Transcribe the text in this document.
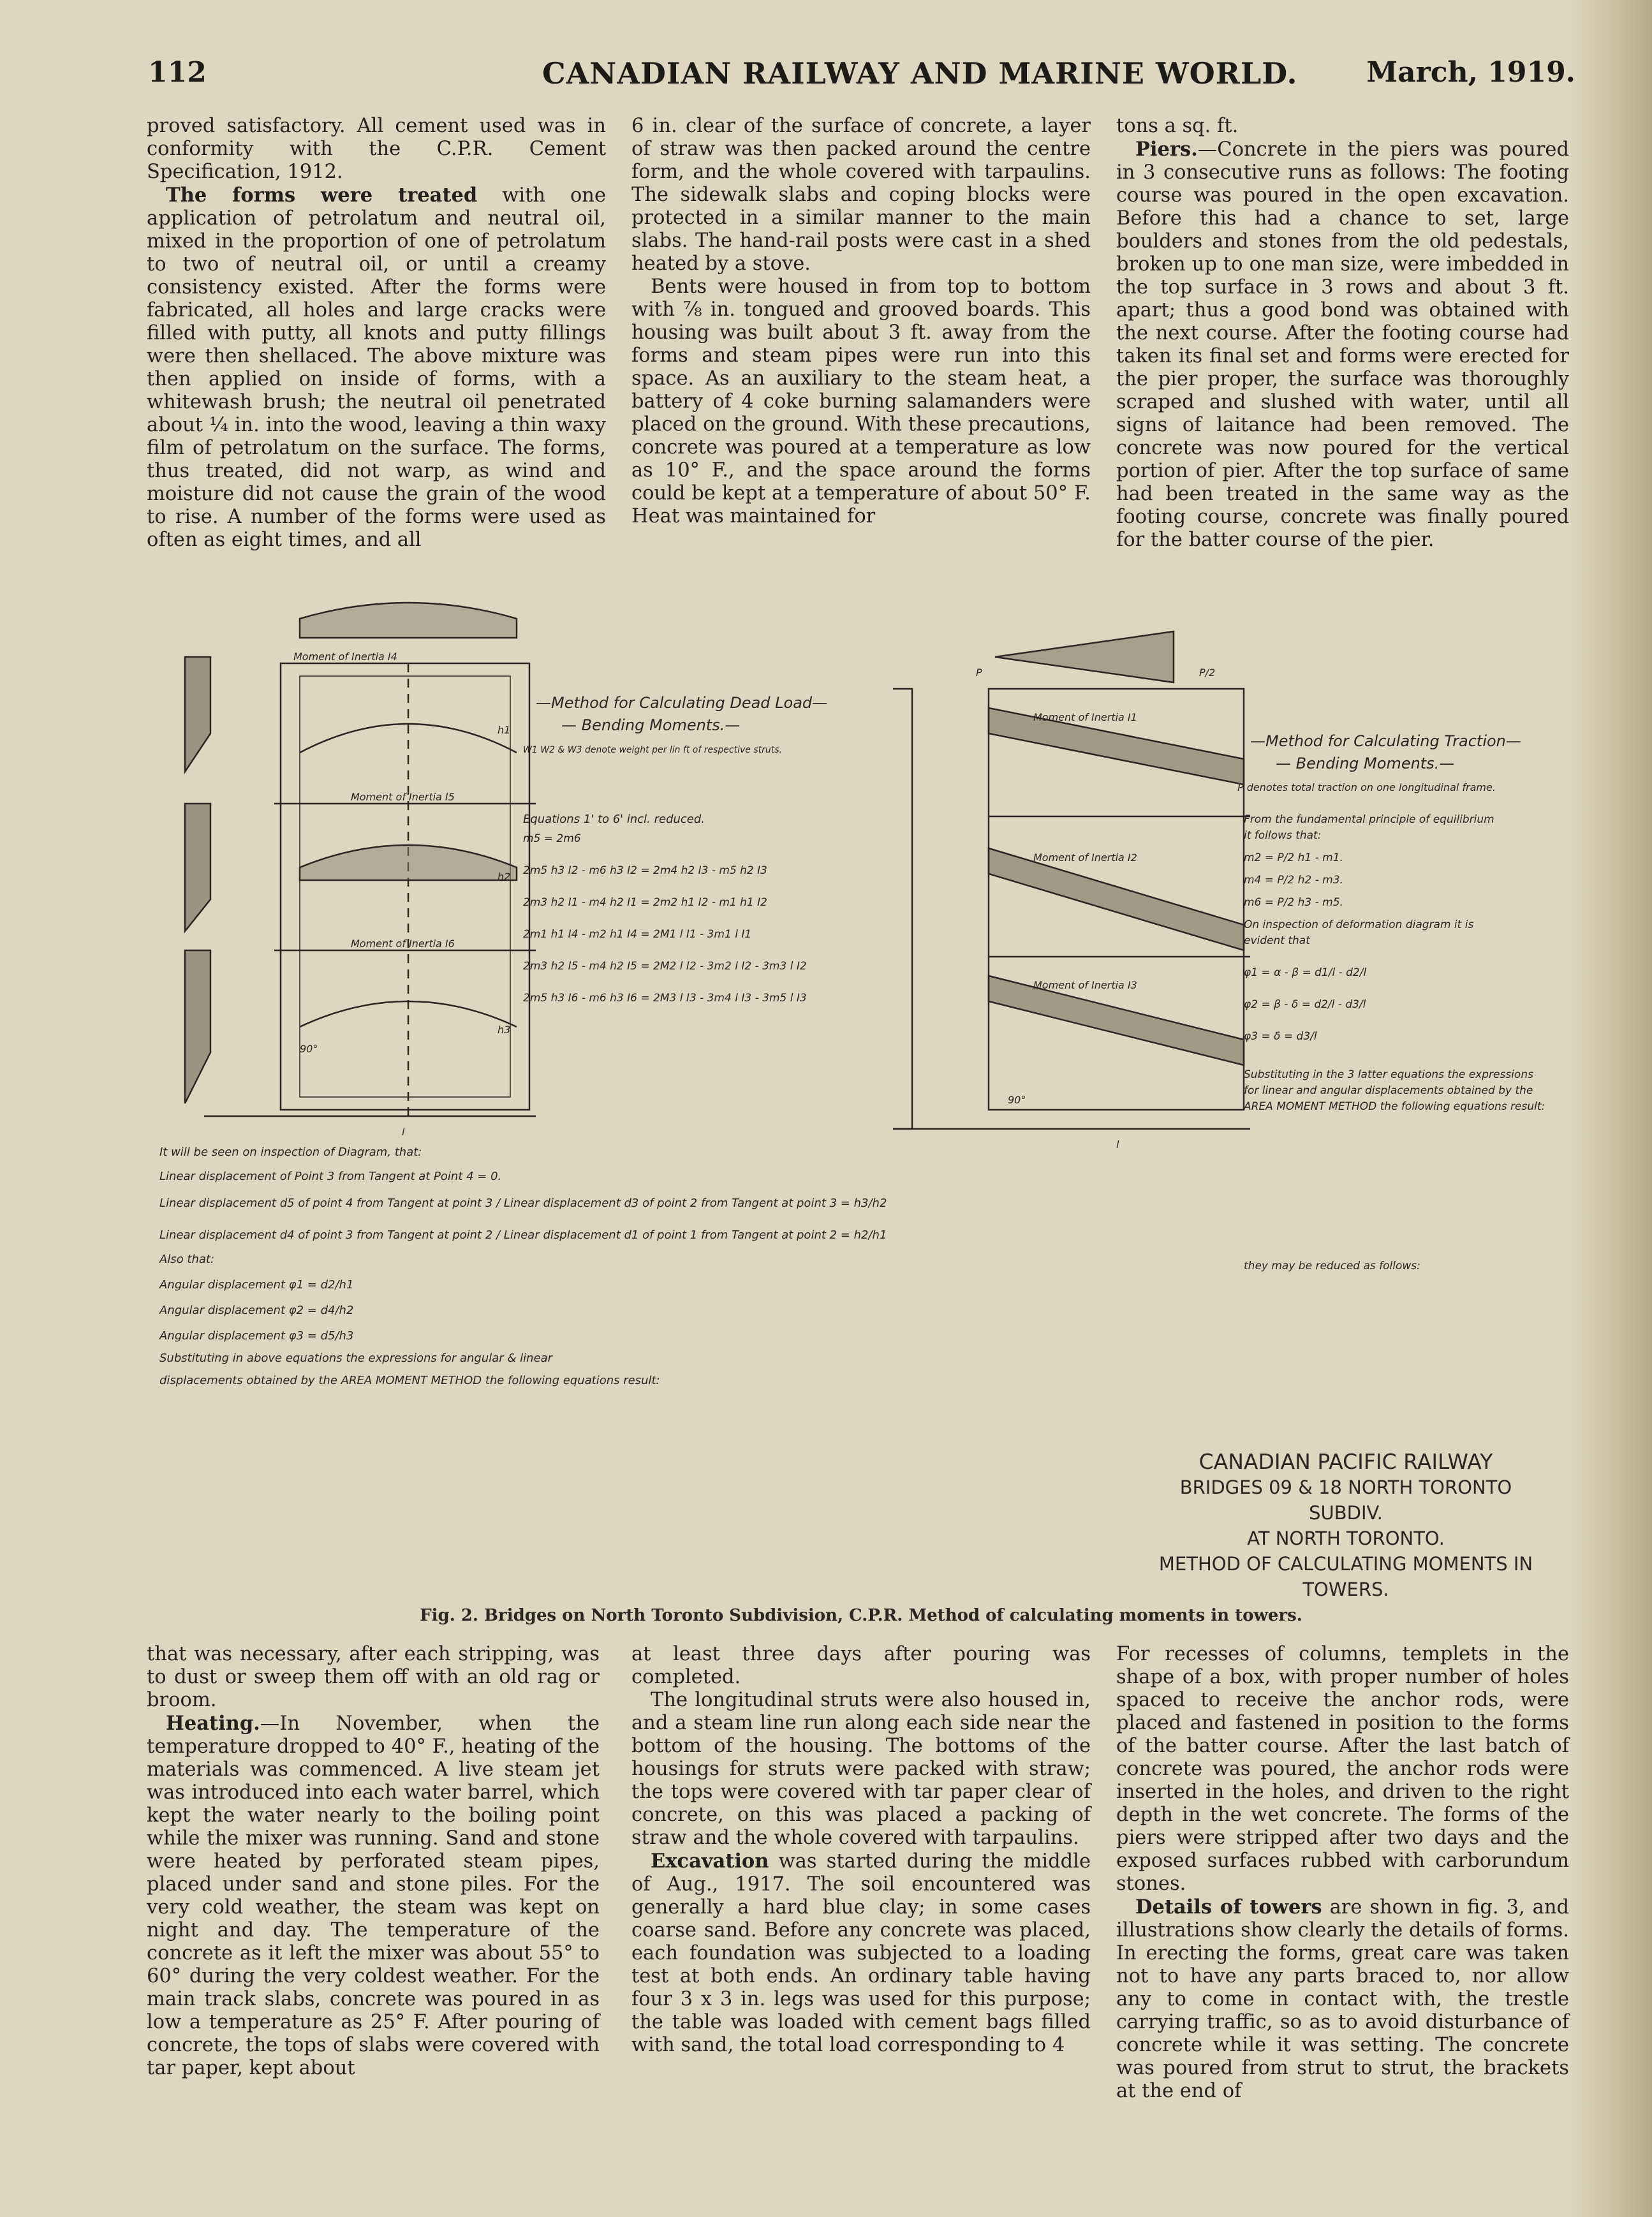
112	CANADIAN RAILWAY AND MARINE WORLD. March, 1919.

proved satisfactory. All cement used was in conformity with the C.P.R. Cement Specification, 1912.

The forms were treated with one application of petrolatum and neutral oil, mixed in the proportion of one of petrolatum to two of neutral oil, or until a creamy consistency existed. After the forms were fabricated, all holes and large cracks were filled with putty, all knots and putty fillings were then shellaced. The above mixture was then applied on inside of forms, with a whitewash brush; the neutral oil penetrated about ¼ in. into the wood, leaving a thin waxy film of petrolatum on the surface. The forms, thus treated, did not warp, as wind and moisture did not cause the grain of the wood to rise. A number of the forms were used as often as eight times, and all

6 in. clear of the surface of concrete, a layer of straw was then packed around the centre form, and the whole covered with tarpaulins. The sidewalk slabs and coping blocks were protected in a similar manner to the main slabs. The hand-rail posts were cast in a shed heated by a stove.

Bents were housed in from top to bottom with ⅞ in. tongued and grooved boards. This housing was built about 3 ft. away from the forms and steam pipes were run into this space. As an auxiliary to the steam heat, a battery of 4 coke burning salamanders were placed on the ground. With these precautions, concrete was poured at a temperature as low as 10° F., and the space around the forms could be kept at a temperature of about 50° F. Heat was maintained for

tons a sq. ft.

Piers.—Concrete in the piers was poured in 3 consecutive runs as follows: The footing course was poured in the open excavation. Before this had a chance to set, large boulders and stones from the old pedestals, broken up to one man size, were imbedded in the top surface in 3 rows and about 3 ft. apart; thus a good bond was obtained with the next course. After the footing course had taken its final set and forms were erected for the pier proper, the surface was thoroughly scraped and slushed with water, until all signs of laitance had been removed. The concrete was now poured for the vertical portion of pier. After the top surface of same had been treated in the same way as the footing course, concrete was finally poured for the batter course of the pier.

—Method for Calculating Dead Load—
— Bending Moments.—
W1 W2 & W3 denote weight per lin ft of respective struts.
Equations 1' to 6' incl. reduced.
m5 = 2m6
2m5 h3 I2 - m6 h3 I2 = 2m4 h2 I3 - m5 h2 I3
2m3 h2 I1 - m4 h2 I1 = 2m2 h1 I2 - m1 h1 I2
2m1 h1 I4 - m2 h1 I4 = 2M1 l I1 - 3m1 l I1
2m3 h2 I5 - m4 h2 I5 = 2M2 l I2 - 3m2 l I2 - 3m3 l I2
2m5 h3 I6 - m6 h3 I6 = 2M3 l I3 - 3m4 l I3 - 3m5 l I3
It will be seen on inspection of Diagram, that:
Linear displacement of Point 3 from Tangent at Point 4 = 0.
Linear displacement d5 of point 4 from Tangent at point 3 / Linear displacement d3 of point 2 from Tangent at point 3 = h3/h2
Linear displacement d4 of point 3 from Tangent at point 2 / Linear displacement d1 of point 1 from Tangent at point 2 = h2/h1
Also that:
Angular displacement φ1 = d2/h1
Angular displacement φ2 = d4/h2
Angular displacement φ3 = d5/h3
Substituting in above equations the expressions for angular & linear
displacements obtained by the AREA MOMENT METHOD the following equations result:
Moment of Inertia I4
Moment of Inertia I5
Moment of Inertia I6
l
h1
h2
h3
90°
—Method for Calculating Traction—
— Bending Moments.—
P denotes total traction on one longitudinal frame.
From the fundamental principle of equilibrium
it follows that:
m2 = P/2 h1 - m1.
m4 = P/2 h2 - m3.
m6 = P/2 h3 - m5.
On inspection of deformation diagram it is
evident that
φ1 = α - β = d1/l - d2/l
φ2 = β - δ = d2/l - d3/l
φ3 = δ = d3/l
Substituting in the 3 latter equations the expressions
for linear and angular displacements obtained by the
AREA MOMENT METHOD the following equations result:
they may be reduced as follows:
Moment of Inertia I1
Moment of Inertia I2
Moment of Inertia I3
P	P/2
l
90°
CANADIAN PACIFIC RAILWAY
BRIDGES 09 & 18 NORTH TORONTO SUBDIV.
AT NORTH TORONTO.
METHOD OF CALCULATING MOMENTS IN TOWERS.
Fig. 2. Bridges on North Toronto Subdivision, C.P.R. Method of calculating moments in towers.

that was necessary, after each stripping, was to dust or sweep them off with an old rag or broom.

Heating.—In November, when the temperature dropped to 40° F., heating of the materials was commenced. A live steam jet was introduced into each water barrel, which kept the water nearly to the boiling point while the mixer was running. Sand and stone were heated by perforated steam pipes, placed under sand and stone piles. For the very cold weather, the steam was kept on night and day. The temperature of the concrete as it left the mixer was about 55° to 60° during the very coldest weather. For the main track slabs, concrete was poured in as low a temperature as 25° F. After pouring of concrete, the tops of slabs were covered with tar paper, kept about

at least three days after pouring was completed.

The longitudinal struts were also housed in, and a steam line run along each side near the bottom of the housing. The bottoms of the housings for struts were packed with straw; the tops were covered with tar paper clear of concrete, on this was placed a packing of straw and the whole covered with tarpaulins.

Excavation was started during the middle of Aug., 1917. The soil encountered was generally a hard blue clay; in some cases coarse sand. Before any concrete was placed, each foundation was subjected to a loading test at both ends. An ordinary table having four 3 x 3 in. legs was used for this purpose; the table was loaded with cement bags filled with sand, the total load corresponding to 4

For recesses of columns, templets in the shape of a box, with proper number of holes spaced to receive the anchor rods, were placed and fastened in position to the forms of the batter course. After the last batch of concrete was poured, the anchor rods were inserted in the holes, and driven to the right depth in the wet concrete. The forms of the piers were stripped after two days and the exposed surfaces rubbed with carborundum stones.

Details of towers are shown in fig. 3, and illustrations show clearly the details of forms. In erecting the forms, great care was taken not to have any parts braced to, nor allow any to come in contact with, the trestle carrying traffic, so as to avoid disturbance of concrete while it was setting. The concrete was poured from strut to strut, the brackets at the end of
